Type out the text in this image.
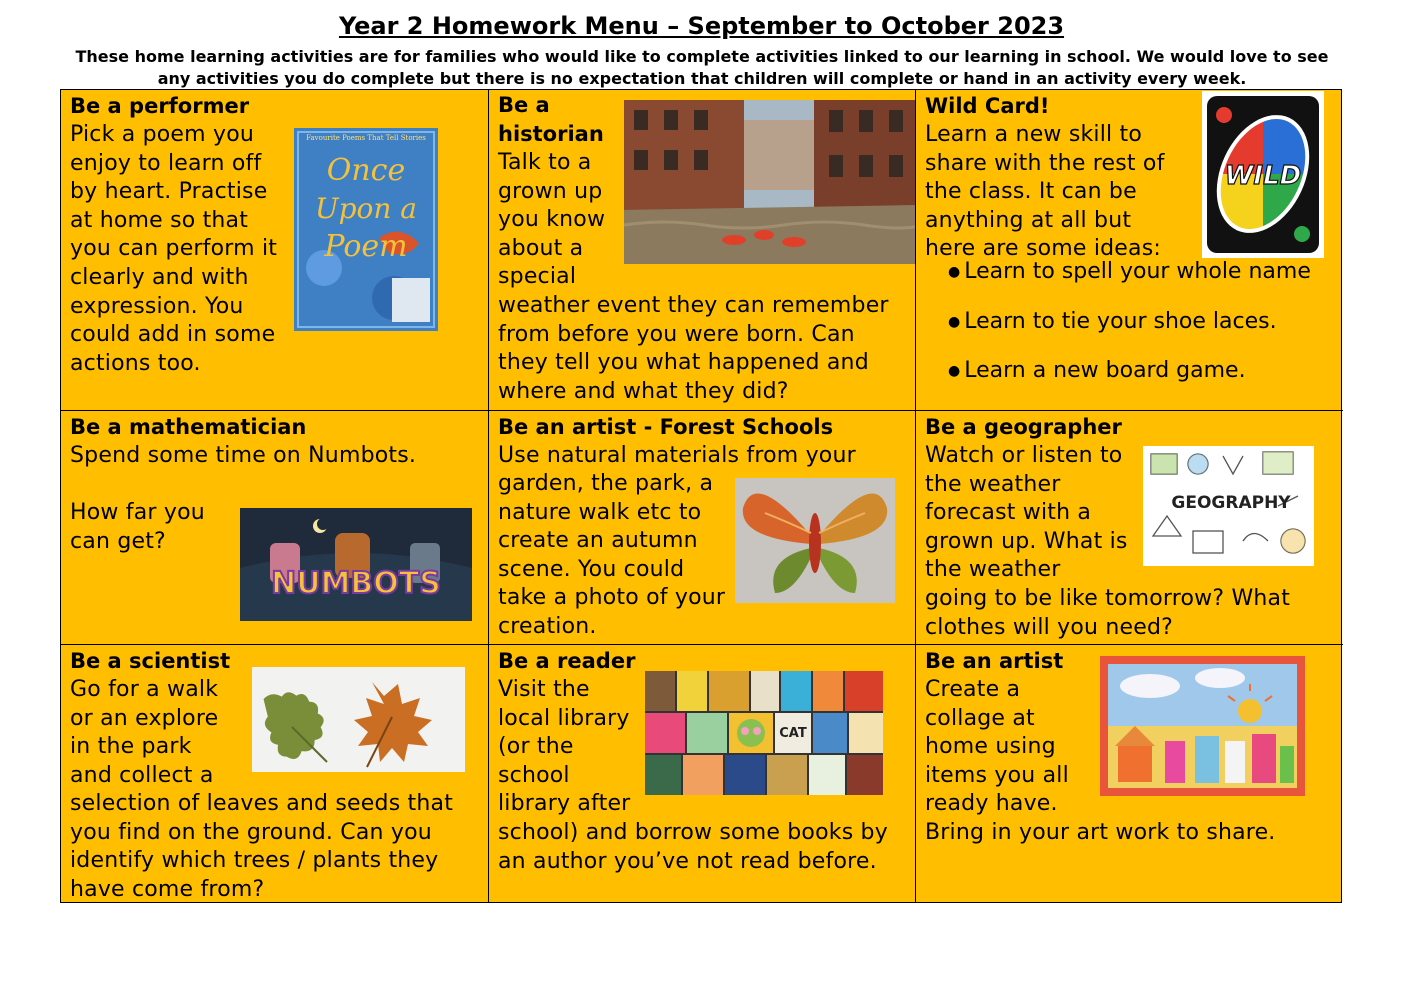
Year 2 Homework Menu – September to October 2023

These home learning activities are for families who would like to complete activities linked to our learning in school. We would love to see any activities you do complete but there is no expectation that children will complete or hand in an activity every week.

Be a performer
Pick a poem you enjoy to learn off by heart. Practise at home so that you can perform it clearly and with expression. You could add in some actions too.
Favourite Poems That Tell Stories
Once
Upon a
Poem
Be a
historian
Talk to a grown up you know about a special
weather event they can remember from before you were born. Can they tell you what happened and where and what they did?
Wild Card!
Learn a new skill to share with the rest of the class. It can be anything at all but here are some ideas:
● Learn to spell your whole name
● Learn to tie your shoe laces.
● Learn a new board game.
WILD
Be a mathematician
Spend some time on Numbots.
How far you can get?
NUMBOTS
Be an artist - Forest Schools
Use natural materials from your
garden, the park, a nature walk etc to create an autumn scene. You could take a photo of your creation.
Be a geographer
Watch or listen to the weather forecast with a grown up. What is the weather
going to be like tomorrow? What clothes will you need?
GEOGRAPHY
Be a scientist
Go for a walk or an explore in the park and collect a
selection of leaves and seeds that you find on the ground. Can you identify which trees / plants they have come from?
Be a reader
Visit the local library (or the school library after
school) and borrow some books by an author you’ve not read before.
CAT
Be an artist
Create a collage at home using items you all ready have.
Bring in your art work to share.
